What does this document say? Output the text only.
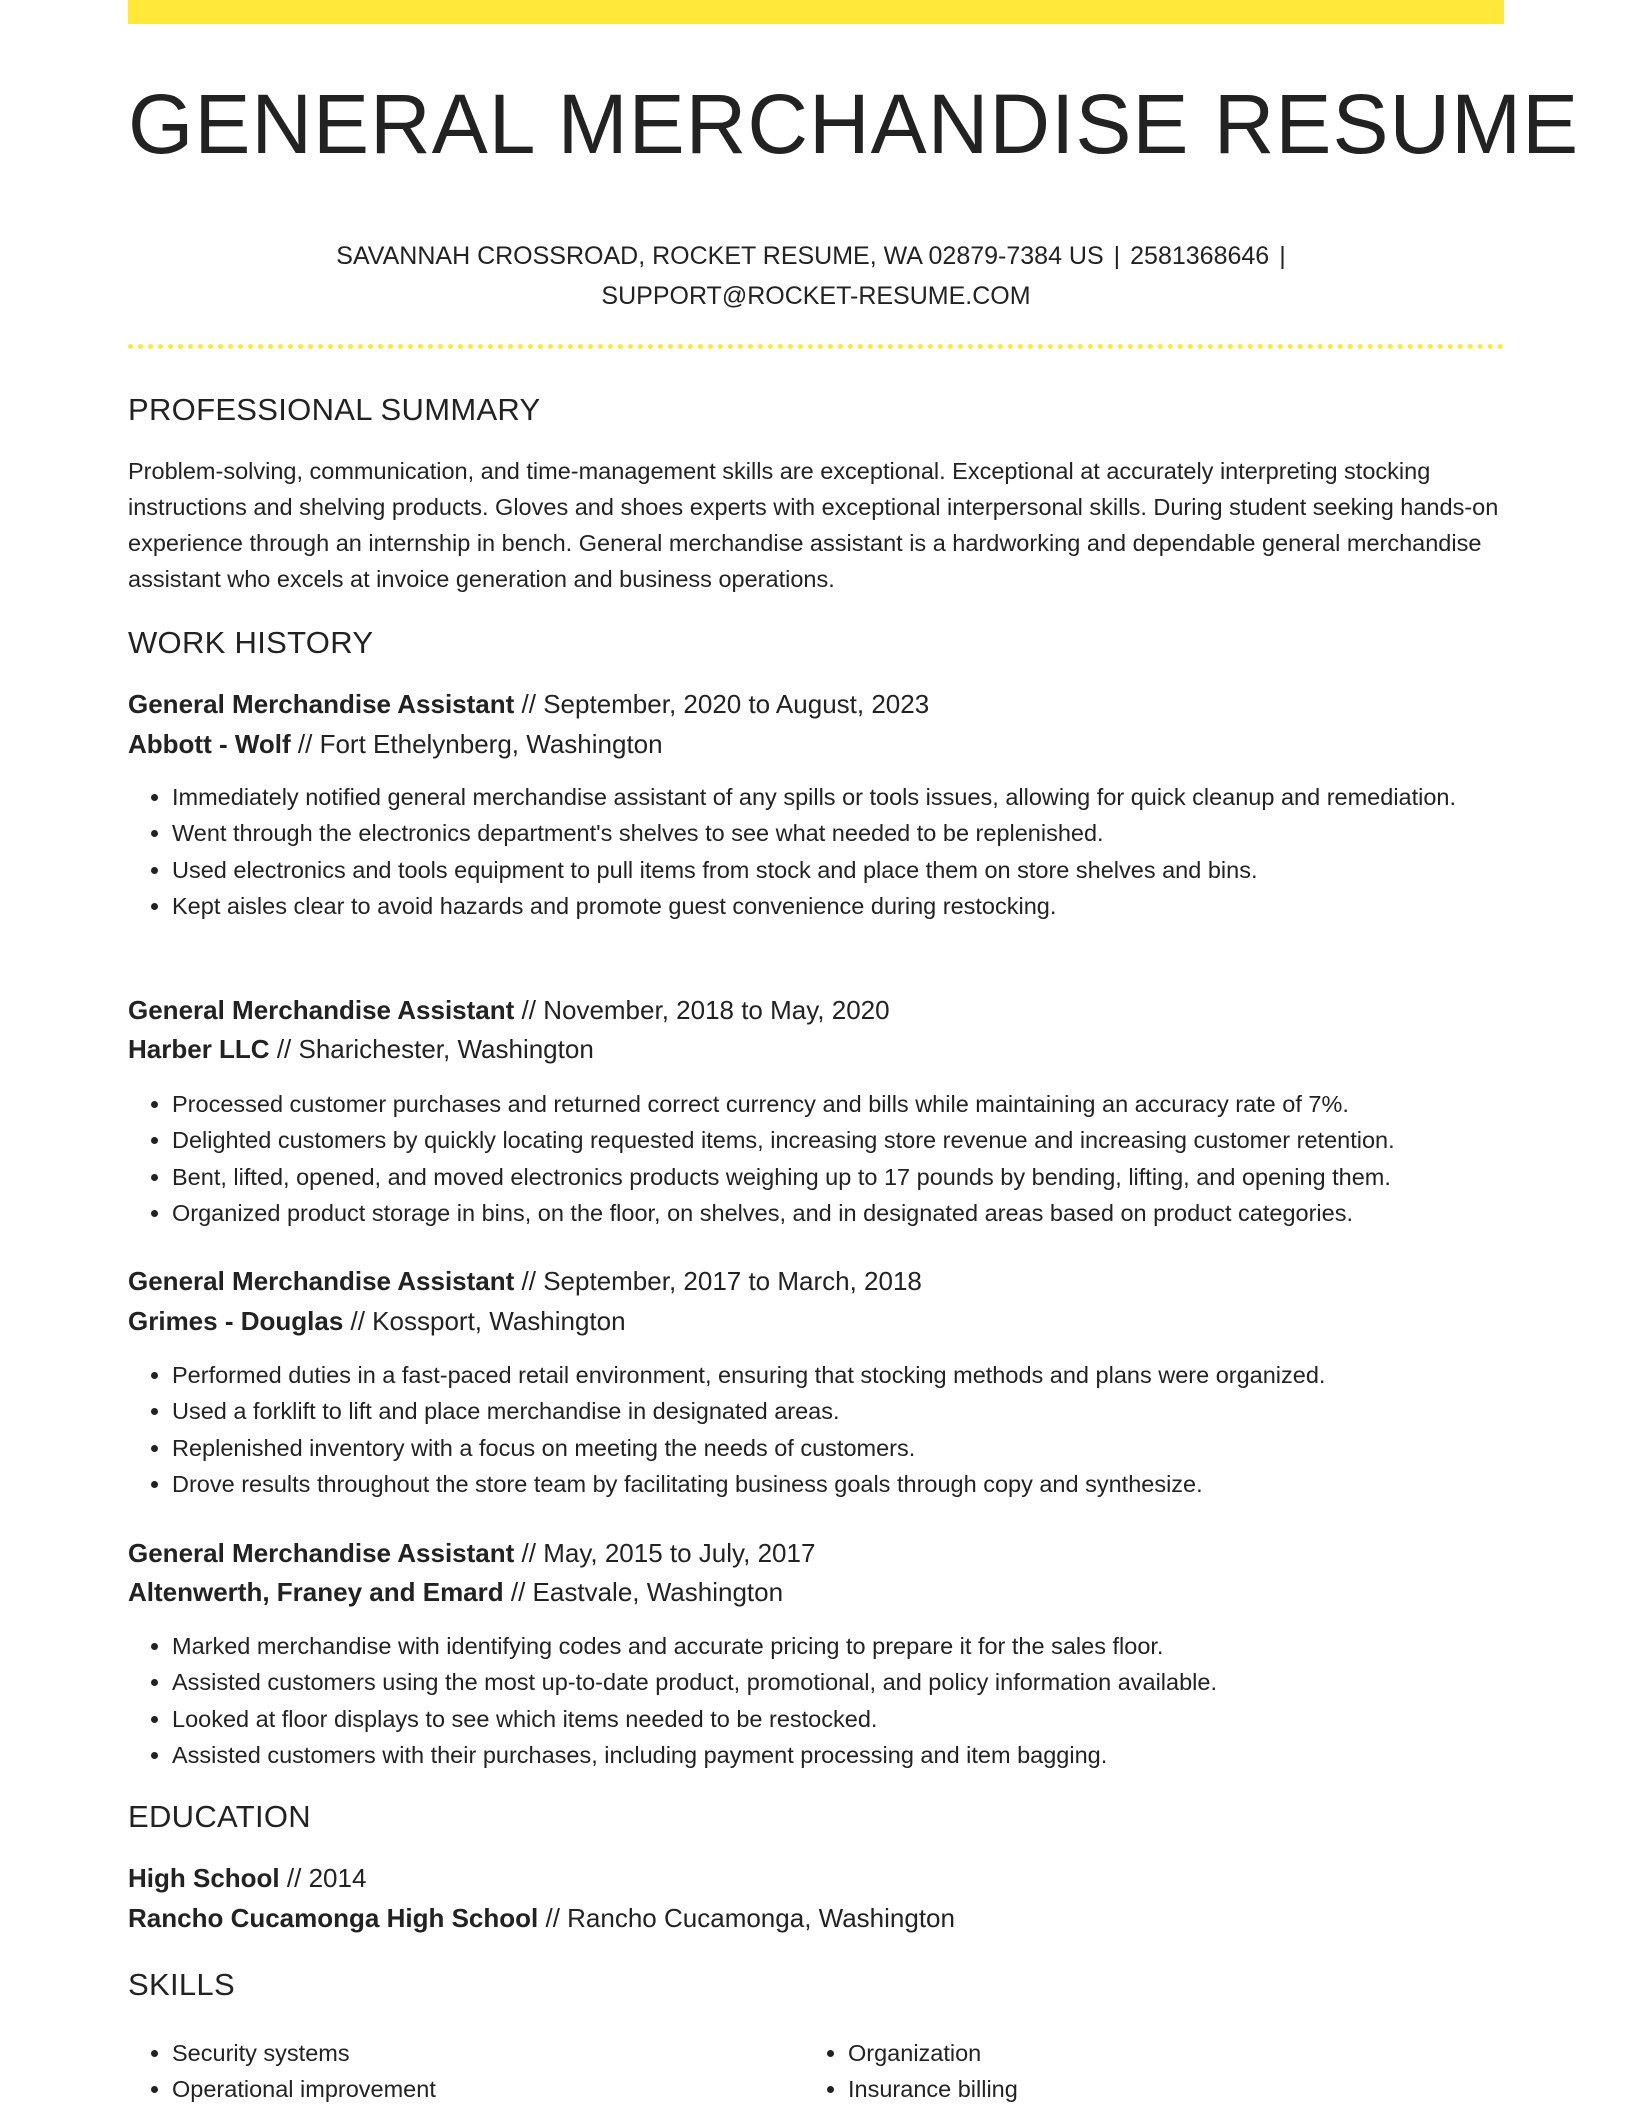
GENERAL MERCHANDISE RESUME
SAVANNAH CROSSROAD, ROCKET RESUME, WA 02879-7384 US | 2581368646 |
SUPPORT@ROCKET-RESUME.COM
PROFESSIONAL SUMMARY

Problem-solving, communication, and time-management skills are exceptional. Exceptional at accurately interpreting stocking instructions and shelving products. Gloves and shoes experts with exceptional interpersonal skills. During student seeking hands-on experience through an internship in bench. General merchandise assistant is a hardworking and dependable general merchandise assistant who excels at invoice generation and business operations.

WORK HISTORY
General Merchandise Assistant // September, 2020 to August, 2023
Abbott - Wolf // Fort Ethelynberg, Washington
• Immediately notified general merchandise assistant of any spills or tools issues, allowing for quick cleanup and remediation.
• Went through the electronics department's shelves to see what needed to be replenished.
• Used electronics and tools equipment to pull items from stock and place them on store shelves and bins.
• Kept aisles clear to avoid hazards and promote guest convenience during restocking.
General Merchandise Assistant // November, 2018 to May, 2020
Harber LLC // Sharichester, Washington
• Processed customer purchases and returned correct currency and bills while maintaining an accuracy rate of 7%.
• Delighted customers by quickly locating requested items, increasing store revenue and increasing customer retention.
• Bent, lifted, opened, and moved electronics products weighing up to 17 pounds by bending, lifting, and opening them.
• Organized product storage in bins, on the floor, on shelves, and in designated areas based on product categories.
General Merchandise Assistant // September, 2017 to March, 2018
Grimes - Douglas // Kossport, Washington
• Performed duties in a fast-paced retail environment, ensuring that stocking methods and plans were organized.
• Used a forklift to lift and place merchandise in designated areas.
• Replenished inventory with a focus on meeting the needs of customers.
• Drove results throughout the store team by facilitating business goals through copy and synthesize.
General Merchandise Assistant // May, 2015 to July, 2017
Altenwerth, Franey and Emard // Eastvale, Washington
• Marked merchandise with identifying codes and accurate pricing to prepare it for the sales floor.
• Assisted customers using the most up-to-date product, promotional, and policy information available.
• Looked at floor displays to see which items needed to be restocked.
• Assisted customers with their purchases, including payment processing and item bagging.
EDUCATION
High School // 2014
Rancho Cucamonga High School // Rancho Cucamonga, Washington
SKILLS
• Security systems
• Operational improvement
• Organization
• Insurance billing
